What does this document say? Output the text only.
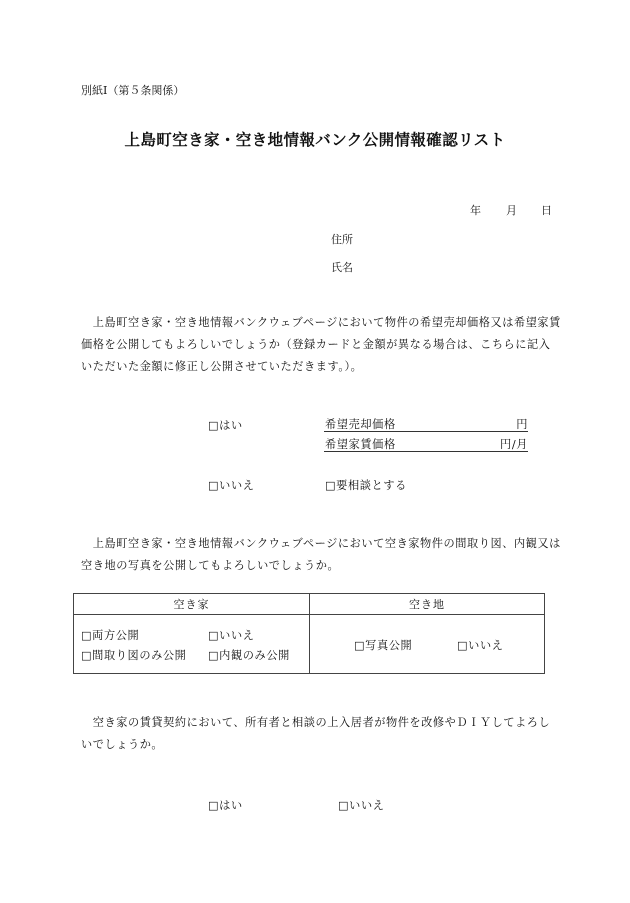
別紙Ⅰ（第５条関係）
上島町空き家・空き地情報バンク公開情報確認リスト
年 月 日
住所
氏名
　上島町空き家・空き地情報バンクウェブページにおいて物件の希望売却価格又は希望家賃価格を公開してもよろしいでしょうか（登録カードと金額が異なる場合は、こちらに記入いただいた金額に修正し公開させていただきます。）。
□はい	希望売却価格	円
希望家賃価格	円/月
□いいえ	□要相談とする
　上島町空き家・空き地情報バンクウェブページにおいて空き家物件の間取り図、内観又は空き地の写真を公開してもよろしいでしょうか。
空き家	空き地

□両方公開 □いいえ
□間取り図のみ公開 □内観のみ公開	□写真公開 □いいえ
　空き家の賃貸契約において、所有者と相談の上入居者が物件を改修やＤＩＹしてよろしいでしょうか。
□はい	□いいえ
